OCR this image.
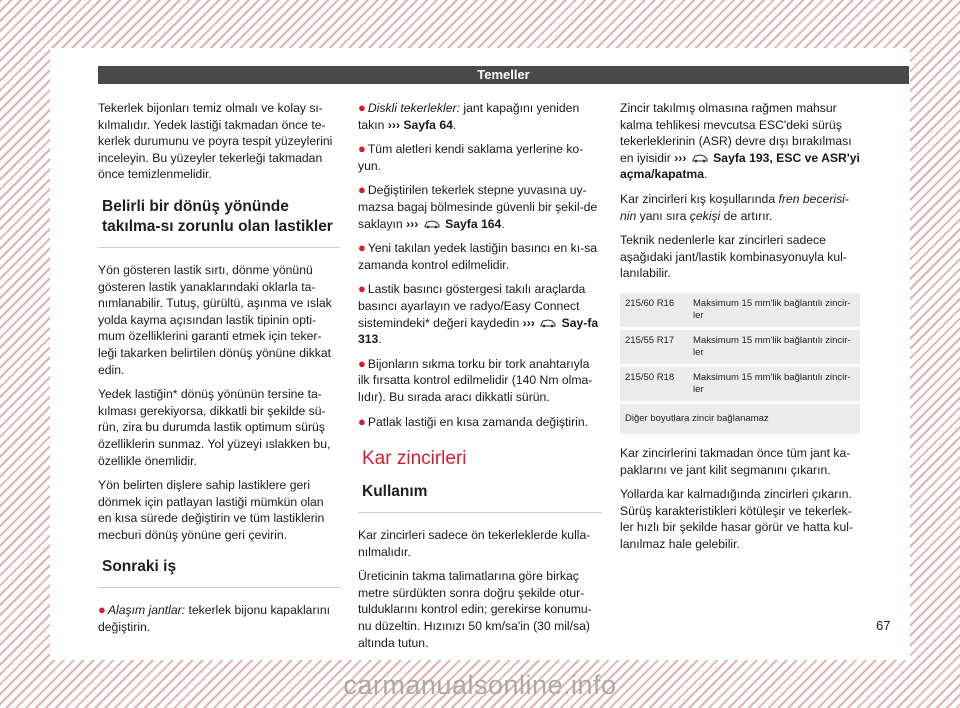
Temeller

Tekerlek bijonları temiz olmalı ve kolay sı-kılmalıdır. Yedek lastiği takmadan önce te-kerlek durumunu ve poyra tespit yüzeylerini inceleyin. Bu yüzeyler tekerleği takmadan önce temizlenmelidir.

Belirli bir dönüş yönünde takılma-sı zorunlu olan lastikler

Yön gösteren lastik sırtı, dönme yönünü gösteren lastik yanaklarındaki oklarla ta-nımlanabilir. Tutuş, gürültü, aşınma ve ıslak yolda kayma açısından lastik tipinin opti-mum özelliklerini garanti etmek için teker-leği takarken belirtilen dönüş yönüne dikkat edin.

Yedek lastiğin* dönüş yönünün tersine ta-kılması gerekiyorsa, dikkatli bir şekilde sü-rün, zira bu durumda lastik optimum sürüş özelliklerin sunmaz. Yol yüzeyi ıslakken bu, özellikle önemlidir.

Yön belirten dişlere sahip lastiklere geri dönmek için patlayan lastiği mümkün olan en kısa sürede değiştirin ve tüm lastiklerin mecburi dönüş yönüne geri çevirin.

Sonraki iş
● Alaşım jantlar: tekerlek bijonu kapaklarını değiştirin.
● Diskli tekerlekler: jant kapağını yeniden takın ››› Sayfa 64.
● Tüm aletleri kendi saklama yerlerine ko-yun.
● Değiştirilen tekerlek stepne yuvasına uy-mazsa bagaj bölmesinde güvenli bir şekil-de saklayın ››› Sayfa 164.
● Yeni takılan yedek lastiğin basıncı en kı-sa zamanda kontrol edilmelidir.
● Lastik basıncı göstergesi takılı araçlarda basıncı ayarlayın ve radyo/Easy Connect sistemindeki* değeri kaydedin ››› Say-fa 313.
● Bijonların sıkma torku bir tork anahtarıyla ilk fırsatta kontrol edilmelidir (140 Nm olma-lıdır). Bu sırada aracı dikkatli sürün.
● Patlak lastiği en kısa zamanda değiştirin.
Kar zincirleri
Kullanım

Kar zincirleri sadece ön tekerleklerde kulla-nılmalıdır.

Üreticinin takma talimatlarına göre birkaç metre sürdükten sonra doğru şekilde otur-tulduklarını kontrol edin; gerekirse konumu-nu düzeltin. Hızınızı 50 km/sa'in (30 mil/sa) altında tutun.

Zincir takılmış olmasına rağmen mahsur kalma tehlikesi mevcutsa ESC'deki sürüş tekerleklerinin (ASR) devre dışı bırakılması en iyisidir ››› Sayfa 193, ESC ve ASR'yi açma/kapatma.

Kar zincirleri kış koşullarında fren becerisi-nin yanı sıra çekişi de artırır.

Teknik nedenlerle kar zincirleri sadece aşağıdaki jant/lastik kombinasyonuyla kul-lanılabilir.

215/60 R16	Maksimum 15 mm'lik bağlantılı zincir-ler
215/55 R17	Maksimum 15 mm'lik bağlantılı zincir-ler
215/50 R18	Maksimum 15 mm'lik bağlantılı zincir-ler
Diğer boyutlara zincir bağlanamaz	

Kar zincirlerini takmadan önce tüm jant ka-paklarını ve jant kilit segmanını çıkarın.

Yollarda kar kalmadığında zincirleri çıkarın. Sürüş karakteristikleri kötüleşir ve tekerlek-ler hızlı bir şekilde hasar görür ve hatta kul-lanılmaz hale gelebilir.

67
carmanualsonline.info
